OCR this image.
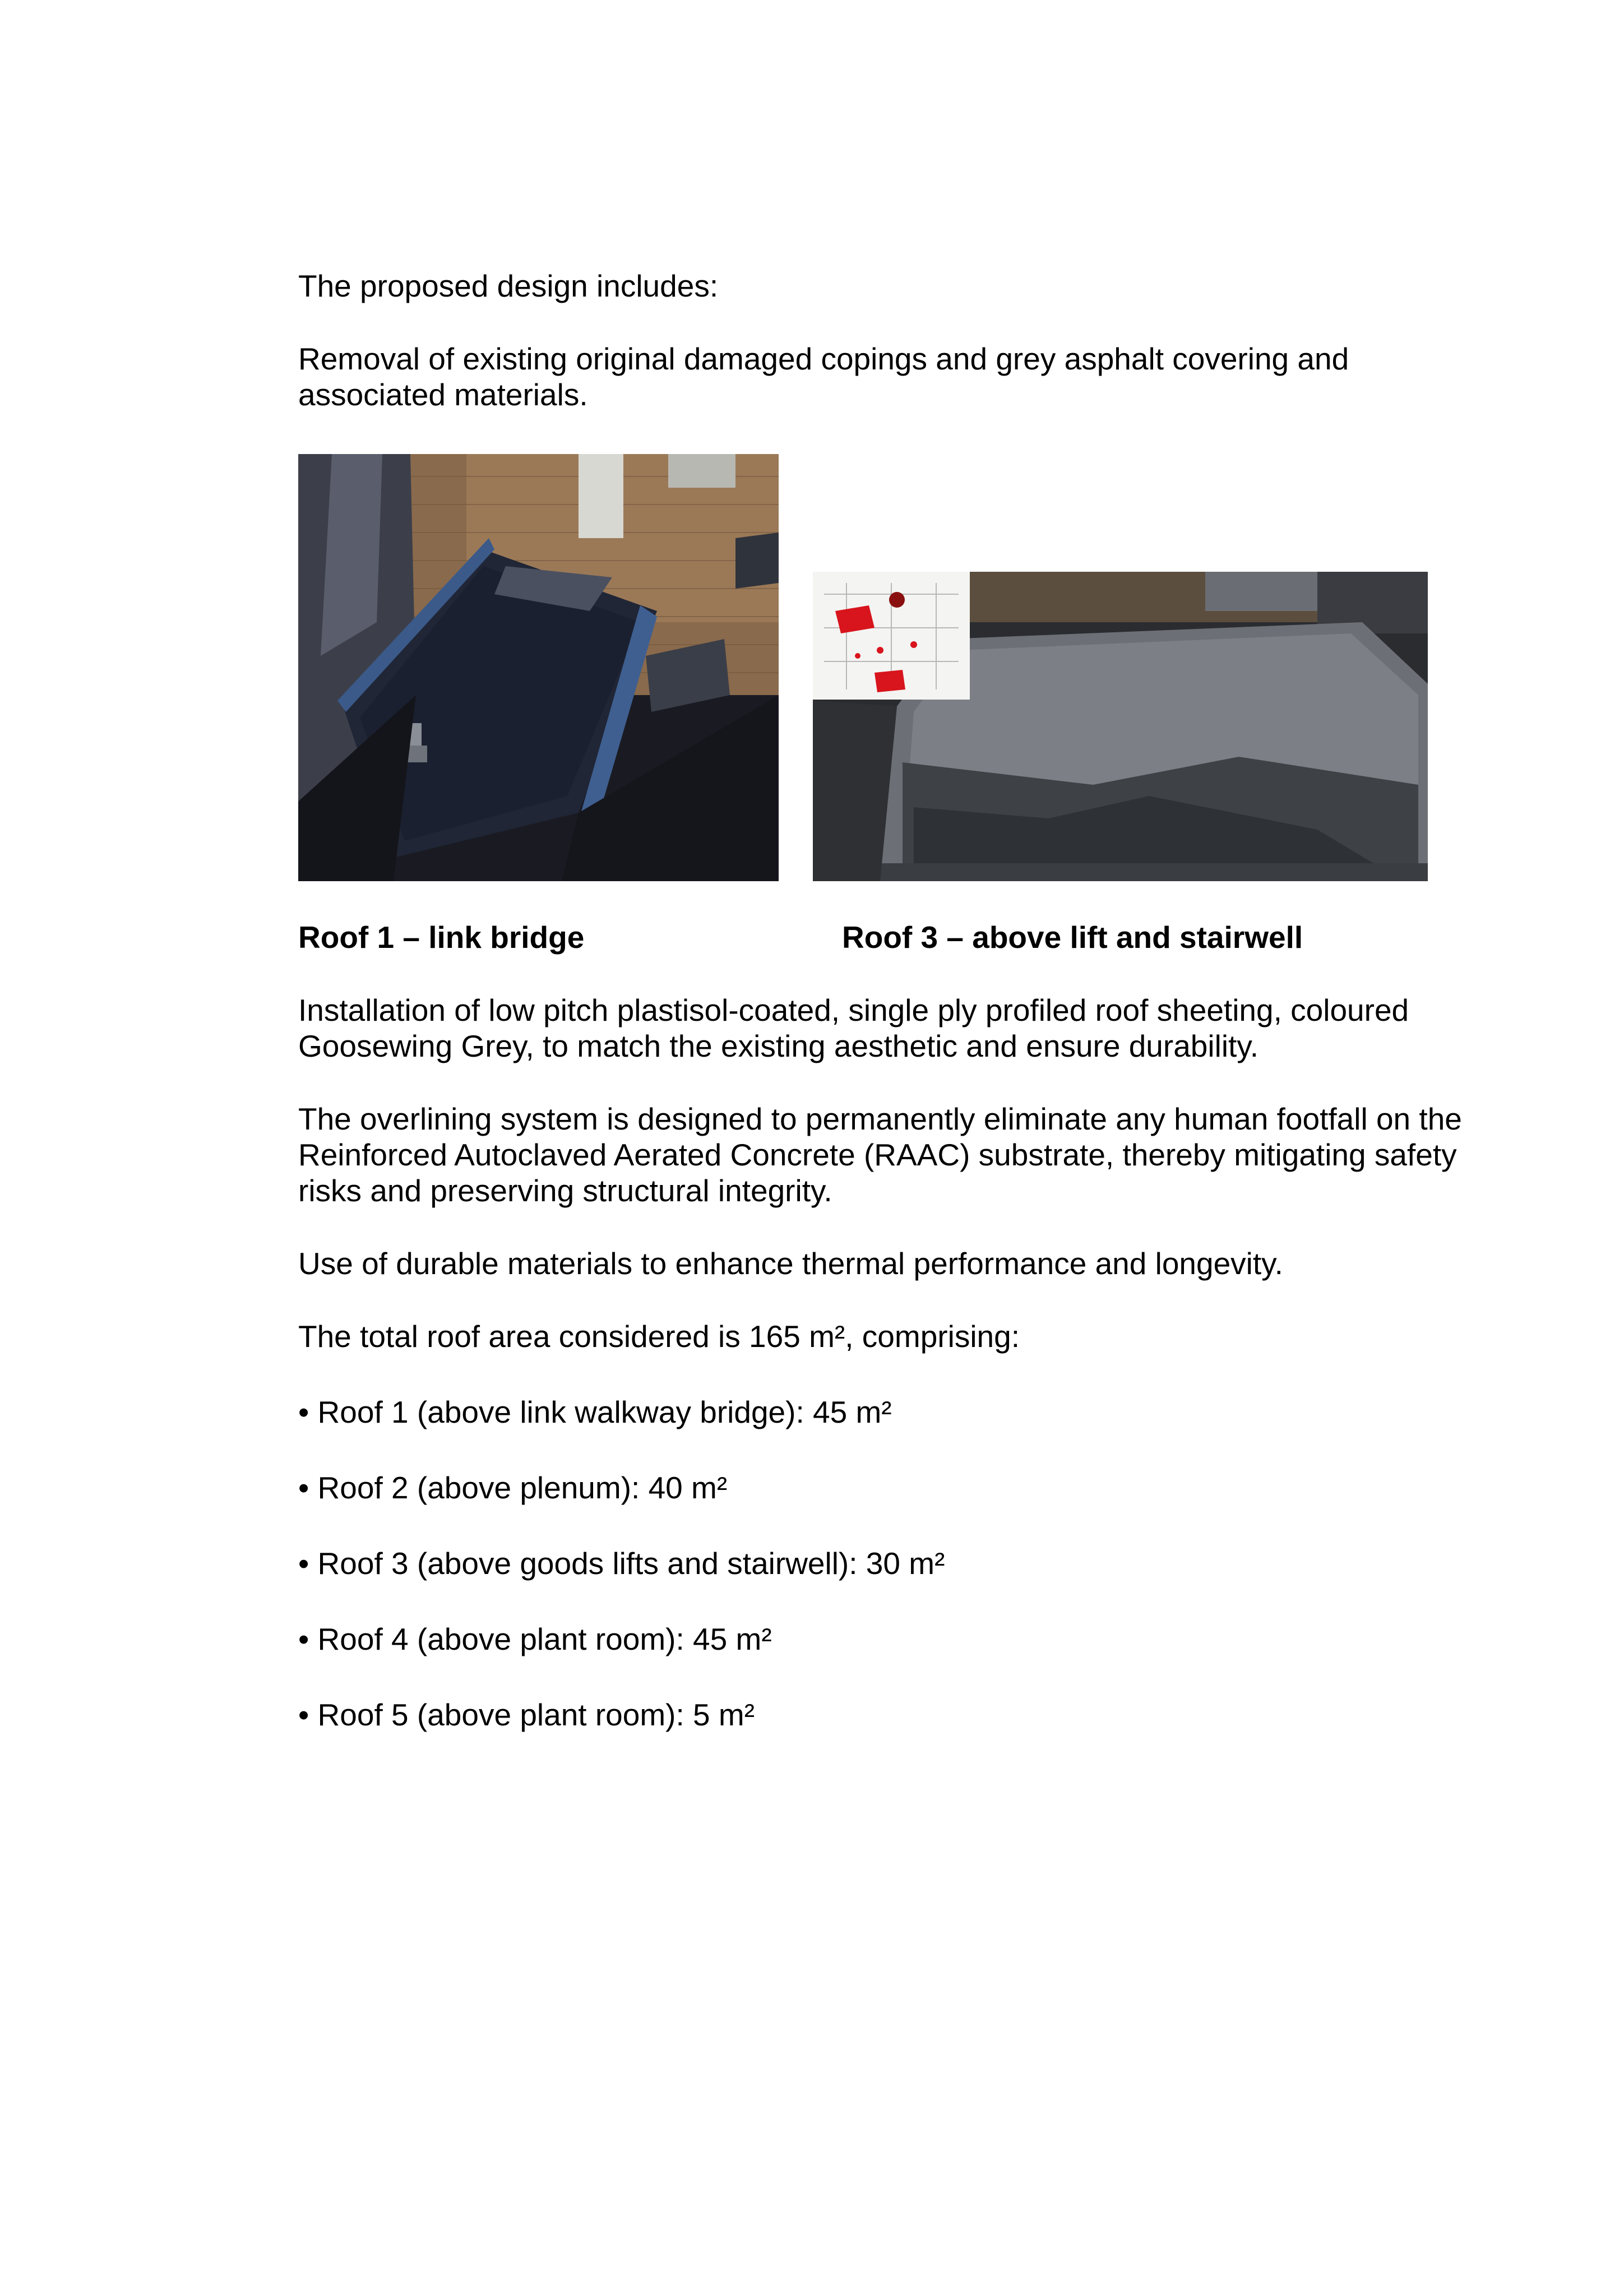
The proposed design includes:

Removal of existing original damaged copings and grey asphalt covering and

associated materials.

Roof 1 – link bridge	Roof 3 – above lift and stairwell

Installation of low pitch plastisol-coated, single ply profiled roof sheeting, coloured

Goosewing Grey, to match the existing aesthetic and ensure durability.

The overlining system is designed to permanently eliminate any human footfall on the

Reinforced Autoclaved Aerated Concrete (RAAC) substrate, thereby mitigating safety

risks and preserving structural integrity.

Use of durable materials to enhance thermal performance and longevity.

The total roof area considered is 165 m², comprising:

• Roof 1 (above link walkway bridge): 45 m²

• Roof 2 (above plenum): 40 m²

• Roof 3 (above goods lifts and stairwell): 30 m²

• Roof 4 (above plant room): 45 m²

• Roof 5 (above plant room): 5 m²
